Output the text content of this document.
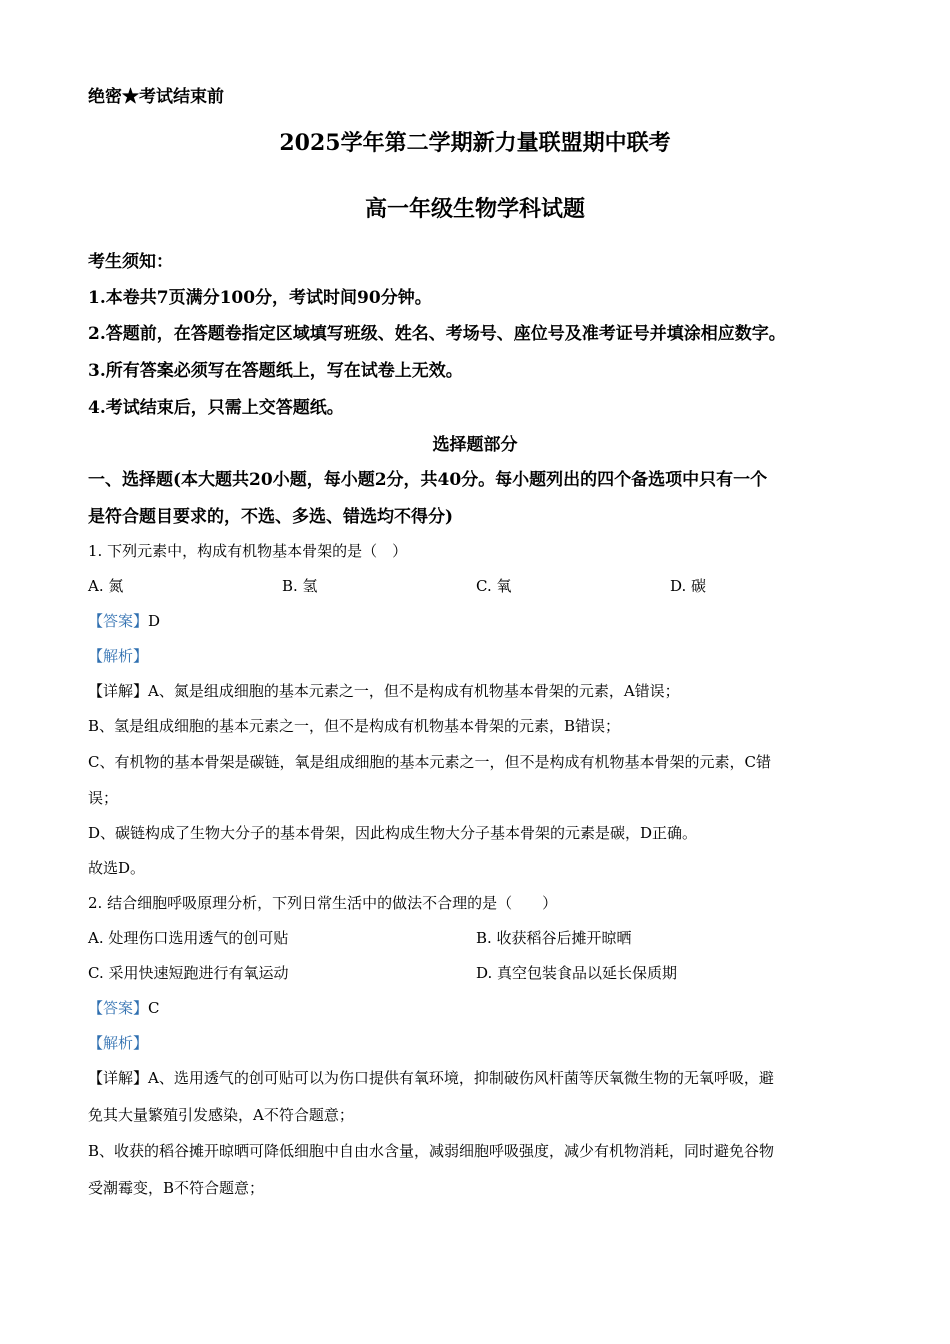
绝密★考试结束前
2025学年第二学期新力量联盟期中联考
高一年级生物学科试题
考生须知：
1.本卷共7页满分100分，考试时间90分钟。
2.答题前，在答题卷指定区域填写班级、姓名、考场号、座位号及准考证号并填涂相应数字。
3.所有答案必须写在答题纸上，写在试卷上无效。
4.考试结束后，只需上交答题纸。
选择题部分
一、选择题(本大题共20小题，每小题2分，共40分。每小题列出的四个备选项中只有一个
是符合题目要求的，不选、多选、错选均不得分)
1. 下列元素中，构成有机物基本骨架的是（　）
A. 氮	B. 氢	C. 氧	D. 碳
【答案】D
【解析】
【详解】A、氮是组成细胞的基本元素之一，但不是构成有机物基本骨架的元素，A错误；
B、氢是组成细胞的基本元素之一，但不是构成有机物基本骨架的元素，B错误；
C、有机物的基本骨架是碳链，氧是组成细胞的基本元素之一，但不是构成有机物基本骨架的元素，C错
误；
D、碳链构成了生物大分子的基本骨架，因此构成生物大分子基本骨架的元素是碳，D正确。
故选D。
2. 结合细胞呼吸原理分析，下列日常生活中的做法不合理的是（　　）
A. 处理伤口选用透气的创可贴	B. 收获稻谷后摊开晾晒
C. 采用快速短跑进行有氧运动	D. 真空包装食品以延长保质期
【答案】C
【解析】
【详解】A、选用透气的创可贴可以为伤口提供有氧环境，抑制破伤风杆菌等厌氧微生物的无氧呼吸，避
免其大量繁殖引发感染，A不符合题意；
B、收获的稻谷摊开晾晒可降低细胞中自由水含量，减弱细胞呼吸强度，减少有机物消耗，同时避免谷物
受潮霉变，B不符合题意；
